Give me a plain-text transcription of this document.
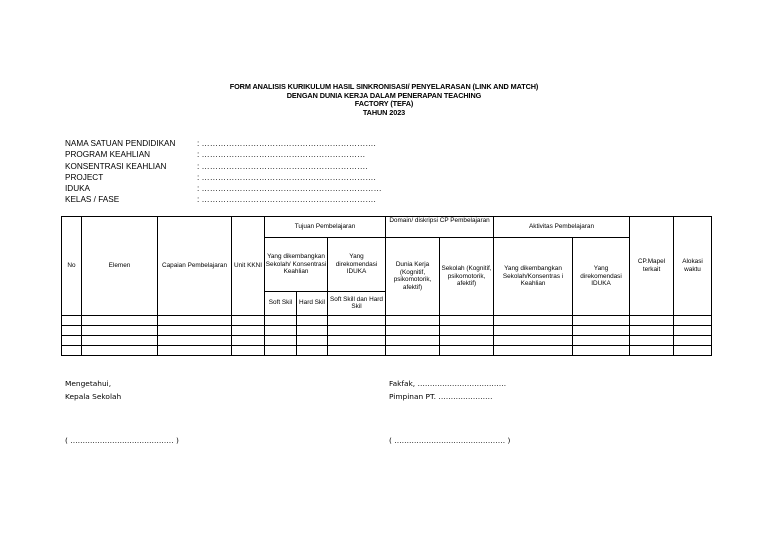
FORM ANALISIS KURIKULUM HASIL SINKRONISASI/ PENYELARASAN (LINK AND MATCH)
DENGAN DUNIA KERJA DALAM PENERAPAN TEACHING
FACTORY (TEFA)
TAHUN 2023
NAMA SATUAN PENDIDIKAN	: ……………………………………………………….
PROGRAM KEAHLIAN	: ……………………………………………………
KONSENTRASI KEAHLIAN	: …………………………………………………….
PROJECT	: ……………………………………………………….
IDUKA	: …………………………………………………………
KELAS / FASE	: ……………………………………………………….
No	Elemen	Capaian Pembelajaran	Unit KKNI	Tujuan Pembelajaran			Domain/ diskripsi CP Pembelajaran		Aktivitas Pembelajaran		CP.Mapel terkait	Alokasi waktu
				Yang dikembangkan Sekolah/ Konsentrasi Keahlian		Yang direkomendasi IDUKA	Dunia Kerja (Kognitif, psikomotorik, afektif)	Sekolah (Kognitif, psikomotorik, afektif)	Yang dikembangkan Sekolah/Konsentras i Keahlian	Yang direkomendasi IDUKA		
				Soft Skil	Hard Skil	Soft Skill dan Hard Skil						

Mengetahui,
Kepala Sekolah
( …………………………………… )
Fakfak, ………………………………
Pimpinan PT. ………………….
( ……………………………………… )
